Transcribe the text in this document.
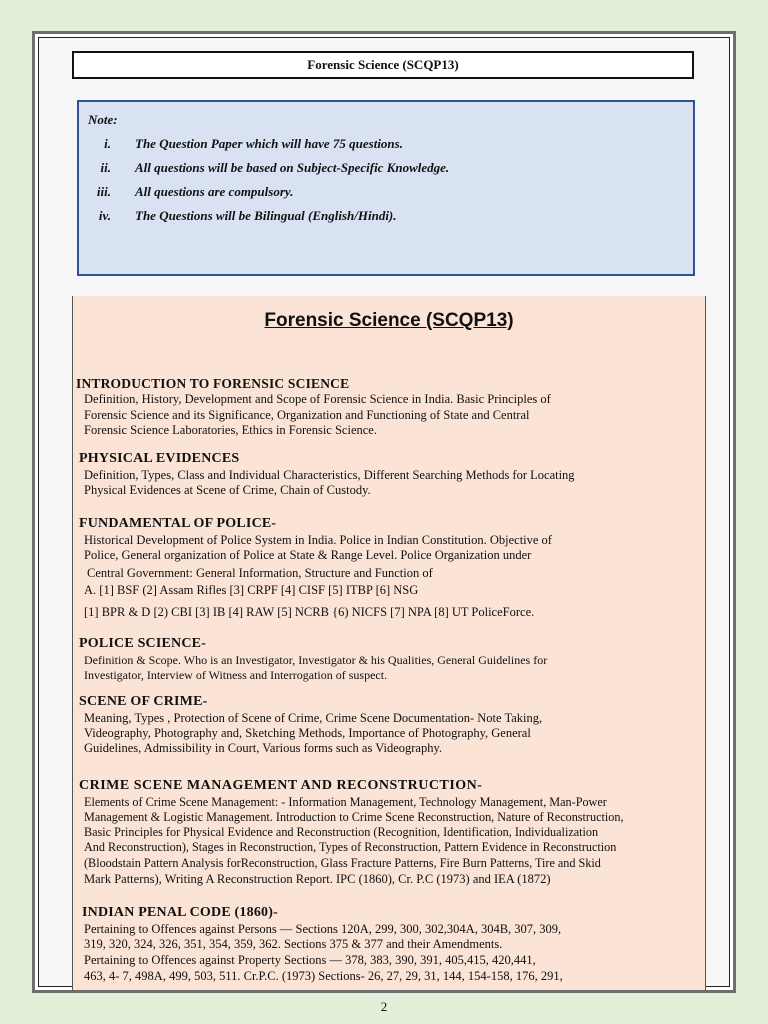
Forensic Science (SCQP13)
Note:
i. The Question Paper which will have 75 questions.
ii. All questions will be based on Subject-Specific Knowledge.
iii. All questions are compulsory.
iv. The Questions will be Bilingual (English/Hindi).
Forensic Science (SCQP13)
INTRODUCTION TO FORENSIC SCIENCE
Definition, History, Development and Scope of Forensic Science in India. Basic Principles of
Forensic Science and its Significance, Organization and Functioning of State and Central
Forensic Science Laboratories, Ethics in Forensic Science.
PHYSICAL EVIDENCES
Definition, Types, Class and Individual Characteristics, Different Searching Methods for Locating
Physical Evidences at Scene of Crime, Chain of Custody.
FUNDAMENTAL OF POLICE-
Historical Development of Police System in India. Police in Indian Constitution. Objective of
Police, General organization of Police at State & Range Level. Police Organization under
Central Government: General Information, Structure and Function of
A. [1] BSF (2] Assam Rifles [3] CRPF [4] CISF [5] ITBP [6] NSG
[1] BPR & D [2) CBI [3] IB [4] RAW [5] NCRB {6) NICFS [7] NPA [8] UT PoliceForce.
POLICE SCIENCE-
Definition & Scope. Who is an Investigator, Investigator & his Qualities, General Guidelines for
Investigator, Interview of Witness and Interrogation of suspect.
SCENE OF CRIME-
Meaning, Types , Protection of Scene of Crime, Crime Scene Documentation- Note Taking,
Videography, Photography and, Sketching Methods, Importance of Photography, General
Guidelines, Admissibility in Court, Various forms such as Videography.
CRIME SCENE MANAGEMENT AND RECONSTRUCTION-
Elements of Crime Scene Management: - Information Management, Technology Management, Man-Power
Management & Logistic Management. Introduction to Crime Scene Reconstruction, Nature of Reconstruction,
Basic Principles for Physical Evidence and Reconstruction (Recognition, Identification, Individualization
And Reconstruction), Stages in Reconstruction, Types of Reconstruction, Pattern Evidence in Reconstruction
(Bloodstain Pattern Analysis forReconstruction, Glass Fracture Patterns, Fire Burn Patterns, Tire and Skid
Mark Patterns), Writing A Reconstruction Report. IPC (1860), Cr. P.C (1973) and IEA (1872)
INDIAN PENAL CODE (1860)-
Pertaining to Offences against Persons — Sections 120A, 299, 300, 302,304A, 304B, 307, 309,
319, 320, 324, 326, 351, 354, 359, 362. Sections 375 & 377 and their Amendments.
Pertaining to Offences against Property Sections — 378, 383, 390, 391, 405,415, 420,441,
463, 4- 7, 498A, 499, 503, 511. Cr.P.C. (1973) Sections- 26, 27, 29, 31, 144, 154-158, 176, 291,
2
